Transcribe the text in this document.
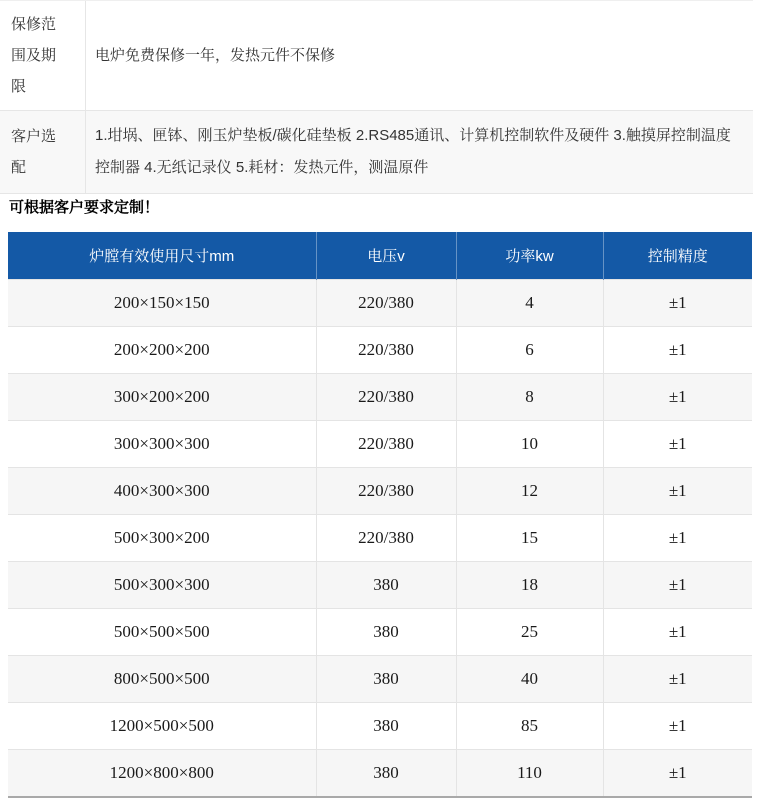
保修范围及期限	电炉免费保修一年，发热元件不保修
客户选配	1.坩埚、匣钵、刚玉炉垫板/碳化硅垫板 2.RS485通讯、计算机控制软件及硬件 3.触摸屏控制温度控制器 4.无纸记录仪 5.耗材：发热元件，测温原件
可根据客户要求定制！
炉膛有效使用尺寸mm	电压v	功率kw	控制精度
200×150×150	220/380	4	±1
200×200×200	220/380	6	±1
300×200×200	220/380	8	±1
300×300×300	220/380	10	±1
400×300×300	220/380	12	±1
500×300×200	220/380	15	±1
500×300×300	380	18	±1
500×500×500	380	25	±1
800×500×500	380	40	±1
1200×500×500	380	85	±1
1200×800×800	380	110	±1
